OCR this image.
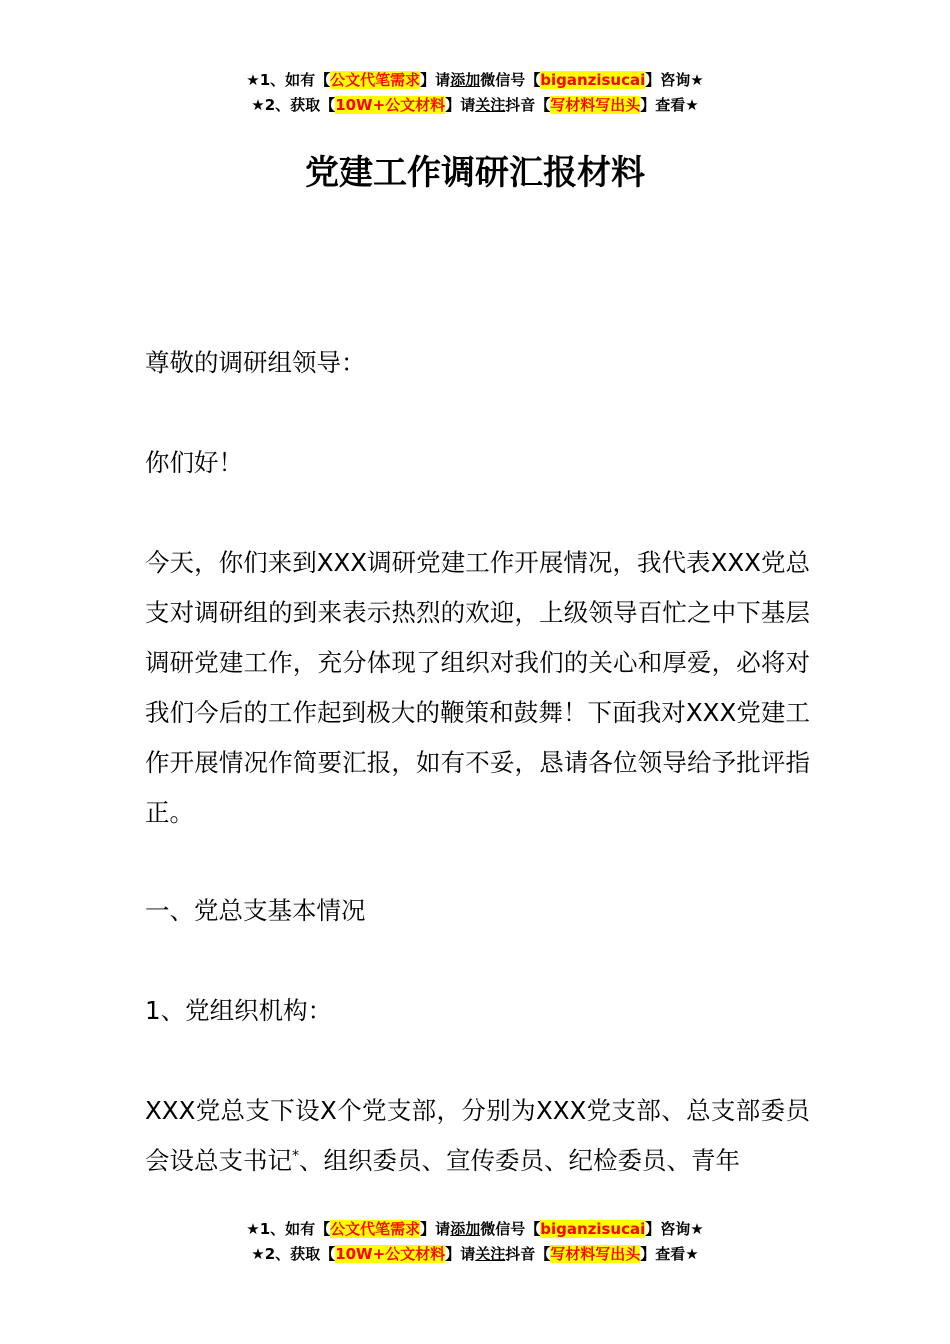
★1、如有【公文代笔需求】请添加微信号【biganzisucai】咨询★
★2、获取【10W+公文材料】请关注抖音【写材料写出头】查看★
党建工作调研汇报材料

尊敬的调研组领导：

你们好！

今天，你们来到XXX调研党建工作开展情况，我代表XXX党总支对调研组的到来表示热烈的欢迎，上级领导百忙之中下基层调研党建工作，充分体现了组织对我们的关心和厚爱，必将对我们今后的工作起到极大的鞭策和鼓舞！下面我对XXX党建工作开展情况作简要汇报，如有不妥，恳请各位领导给予批评指正。

一、党总支基本情况

1、党组织机构：

XXX党总支下设X个党支部，分别为XXX党支部、总支部委员会设总支书记*、组织委员、宣传委员、纪检委员、青年

★1、如有【公文代笔需求】请添加微信号【biganzisucai】咨询★
★2、获取【10W+公文材料】请关注抖音【写材料写出头】查看★
